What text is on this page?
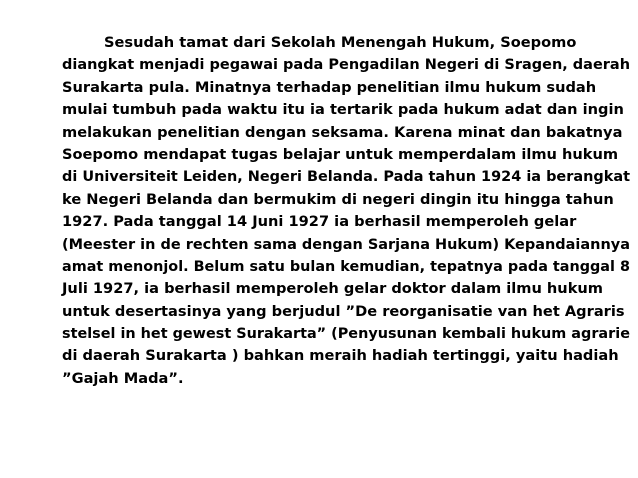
Sesudah tamat dari Sekolah Menengah Hukum, Soepomo
diangkat menjadi pegawai pada Pengadilan Negeri di Sragen, daerah
Surakarta pula. Minatnya terhadap penelitian ilmu hukum sudah
mulai tumbuh pada waktu itu ia tertarik pada hukum adat dan ingin
melakukan penelitian dengan seksama. Karena minat dan bakatnya
Soepomo mendapat tugas belajar untuk memperdalam ilmu hukum
di Universiteit Leiden, Negeri Belanda. Pada tahun 1924 ia berangkat
ke Negeri Belanda dan bermukim di negeri dingin itu hingga tahun
1927. Pada tanggal 14 Juni 1927 ia berhasil memperoleh gelar
(Meester in de rechten sama dengan Sarjana Hukum) Kepandaiannya
amat menonjol. Belum satu bulan kemudian, tepatnya pada tanggal 8
Juli 1927, ia berhasil memperoleh gelar doktor dalam ilmu hukum
untuk desertasinya yang berjudul ”De reorganisatie van het Agraris
stelsel in het gewest Surakarta” (Penyusunan kembali hukum agrarie
di daerah Surakarta ) bahkan meraih hadiah tertinggi, yaitu hadiah
”Gajah Mada”.
